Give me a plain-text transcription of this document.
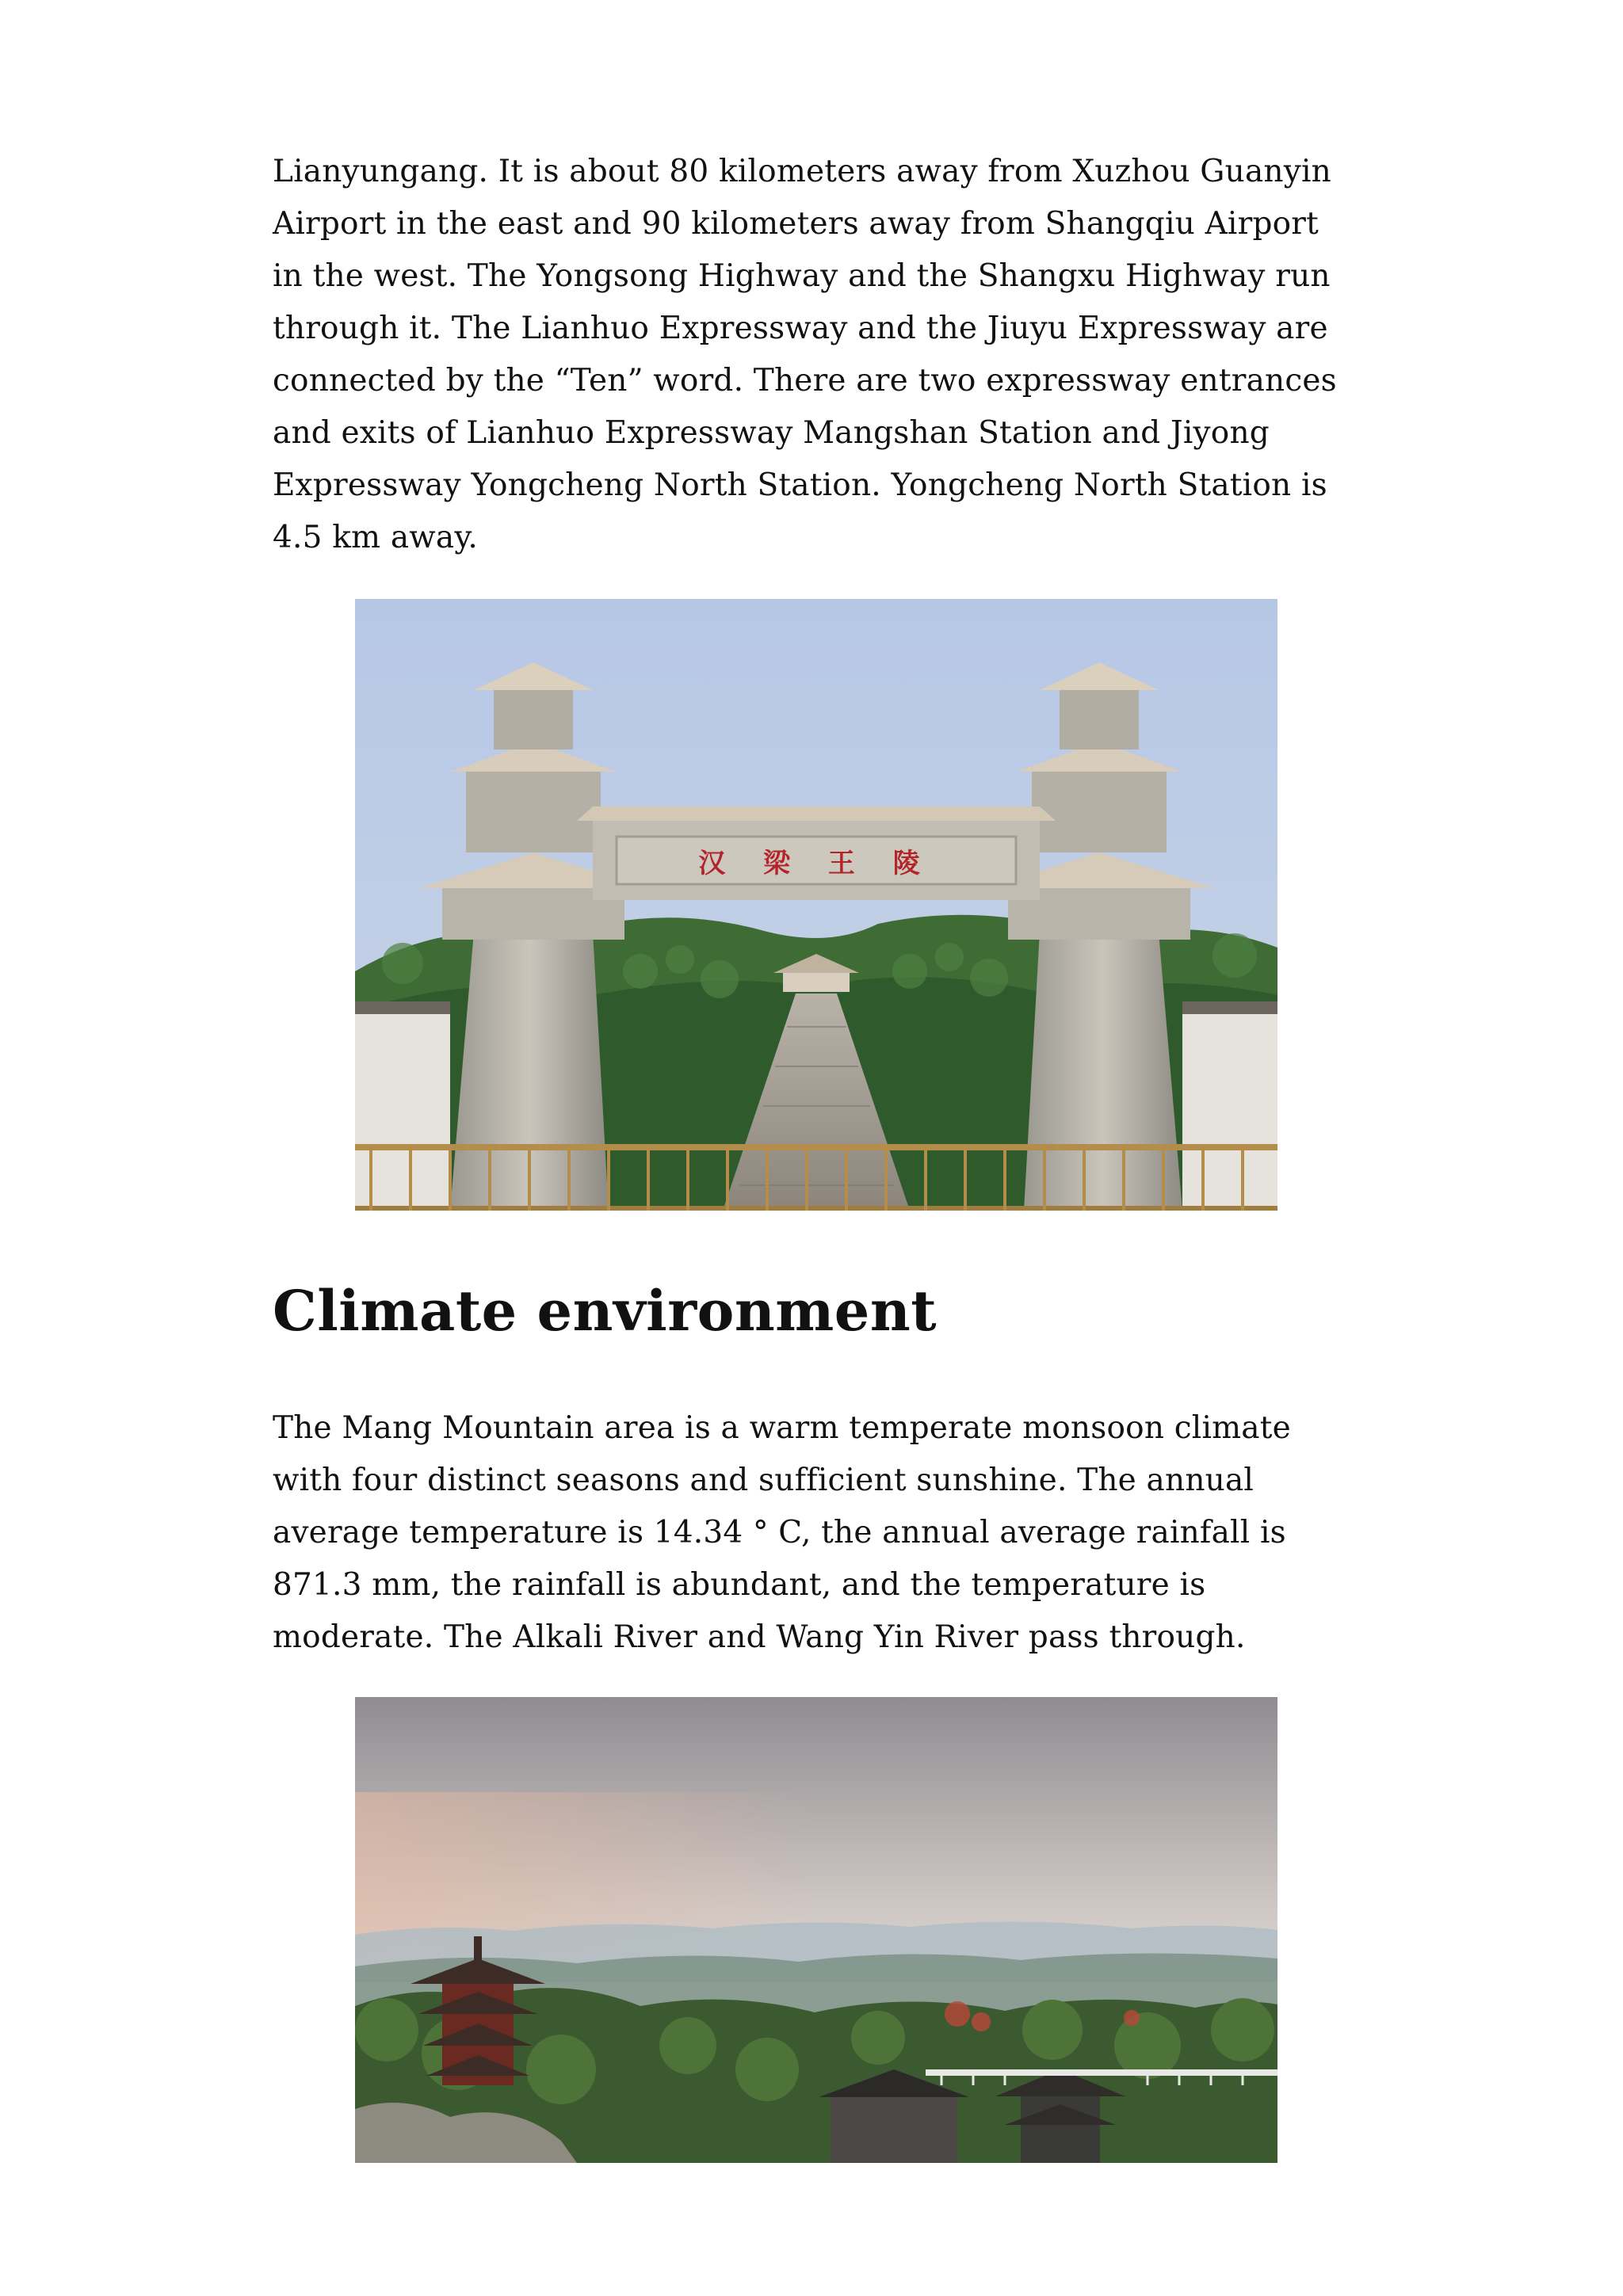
Lianyungang. It is about 80 kilometers away from Xuzhou Guanyin Airport in the east and 90 kilometers away from Shangqiu Airport in the west. The Yongsong Highway and the Shangxu Highway run through it. The Lianhuo Expressway and the Jiuyu Expressway are connected by the “Ten” word. There are two expressway entrances and exits of Lianhuo Expressway Mangshan Station and Jiyong Expressway Yongcheng North Station. Yongcheng North Station is 4.5 km away.

汉 梁 王 陵
Climate environment

The Mang Mountain area is a warm temperate monsoon climate with four distinct seasons and sufficient sunshine. The annual average temperature is 14.34 ° C, the annual average rainfall is 871.3 mm, the rainfall is abundant, and the temperature is moderate. The Alkali River and Wang Yin River pass through.
